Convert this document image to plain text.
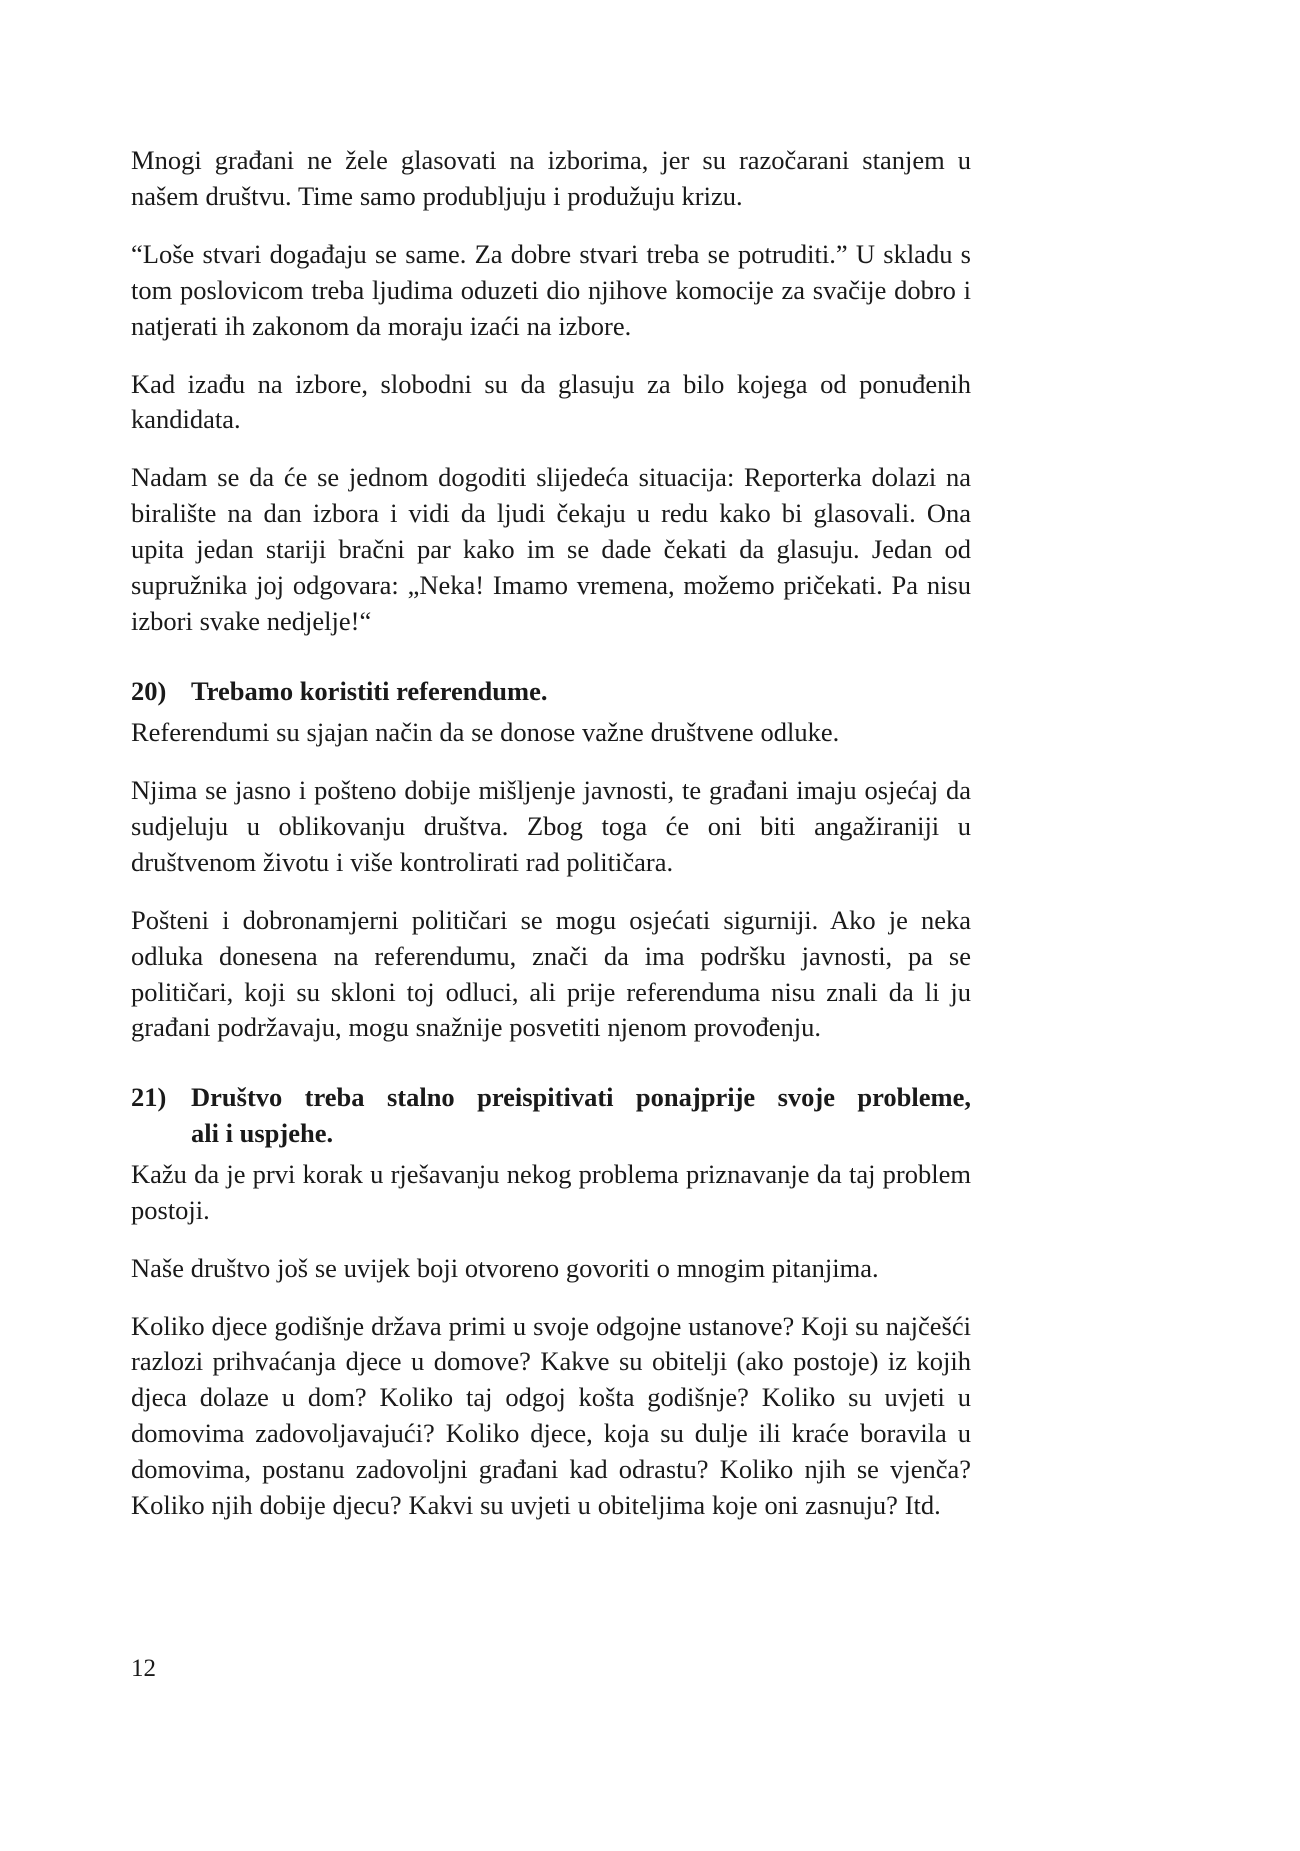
Mnogi građani ne žele glasovati na izborima, jer su razočarani stanjem u našem društvu. Time samo produbljuju i produžuju krizu.

“Loše stvari događaju se same. Za dobre stvari treba se potruditi.” U skladu s tom poslovicom treba ljudima oduzeti dio njihove komocije za svačije dobro i natjerati ih zakonom da moraju izaći na izbore.

Kad izađu na izbore, slobodni su da glasuju za bilo kojega od ponuđenih kandidata.

Nadam se da će se jednom dogoditi slijedeća situacija: Reporterka dolazi na biralište na dan izbora i vidi da ljudi čekaju u redu kako bi glasovali. Ona upita jedan stariji bračni par kako im se dade čekati da glasuju. Jedan od supružnika joj odgovara: „Neka! Imamo vremena, možemo pričekati. Pa nisu izbori svake nedjelje!“

20) Trebamo koristiti referendume.

Referendumi su sjajan način da se donose važne društvene odluke.

Njima se jasno i pošteno dobije mišljenje javnosti, te građani imaju osjećaj da sudjeluju u oblikovanju društva. Zbog toga će oni biti angažiraniji u društvenom životu i više kontrolirati rad političara.

Pošteni i dobronamjerni političari se mogu osjećati sigurniji. Ako je neka odluka donesena na referendumu, znači da ima podršku javnosti, pa se političari, koji su skloni toj odluci, ali prije referenduma nisu znali da li ju građani podržavaju, mogu snažnije posvetiti njenom provođenju.

21) Društvo treba stalno preispitivati ponajprije svoje probleme,
ali i uspjehe.

Kažu da je prvi korak u rješavanju nekog problema priznavanje da taj problem postoji.

Naše društvo još se uvijek boji otvoreno govoriti o mnogim pitanjima.

Koliko djece godišnje država primi u svoje odgojne ustanove? Koji su najčešći razlozi prihvaćanja djece u domove? Kakve su obitelji (ako postoje) iz kojih djeca dolaze u dom? Koliko taj odgoj košta godišnje? Koliko su uvjeti u domovima zadovoljavajući? Koliko djece, koja su dulje ili kraće boravila u domovima, postanu zadovoljni građani kad odrastu? Koliko njih se vjenča? Koliko njih dobije djecu? Kakvi su uvjeti u obiteljima koje oni zasnuju? Itd.

12
